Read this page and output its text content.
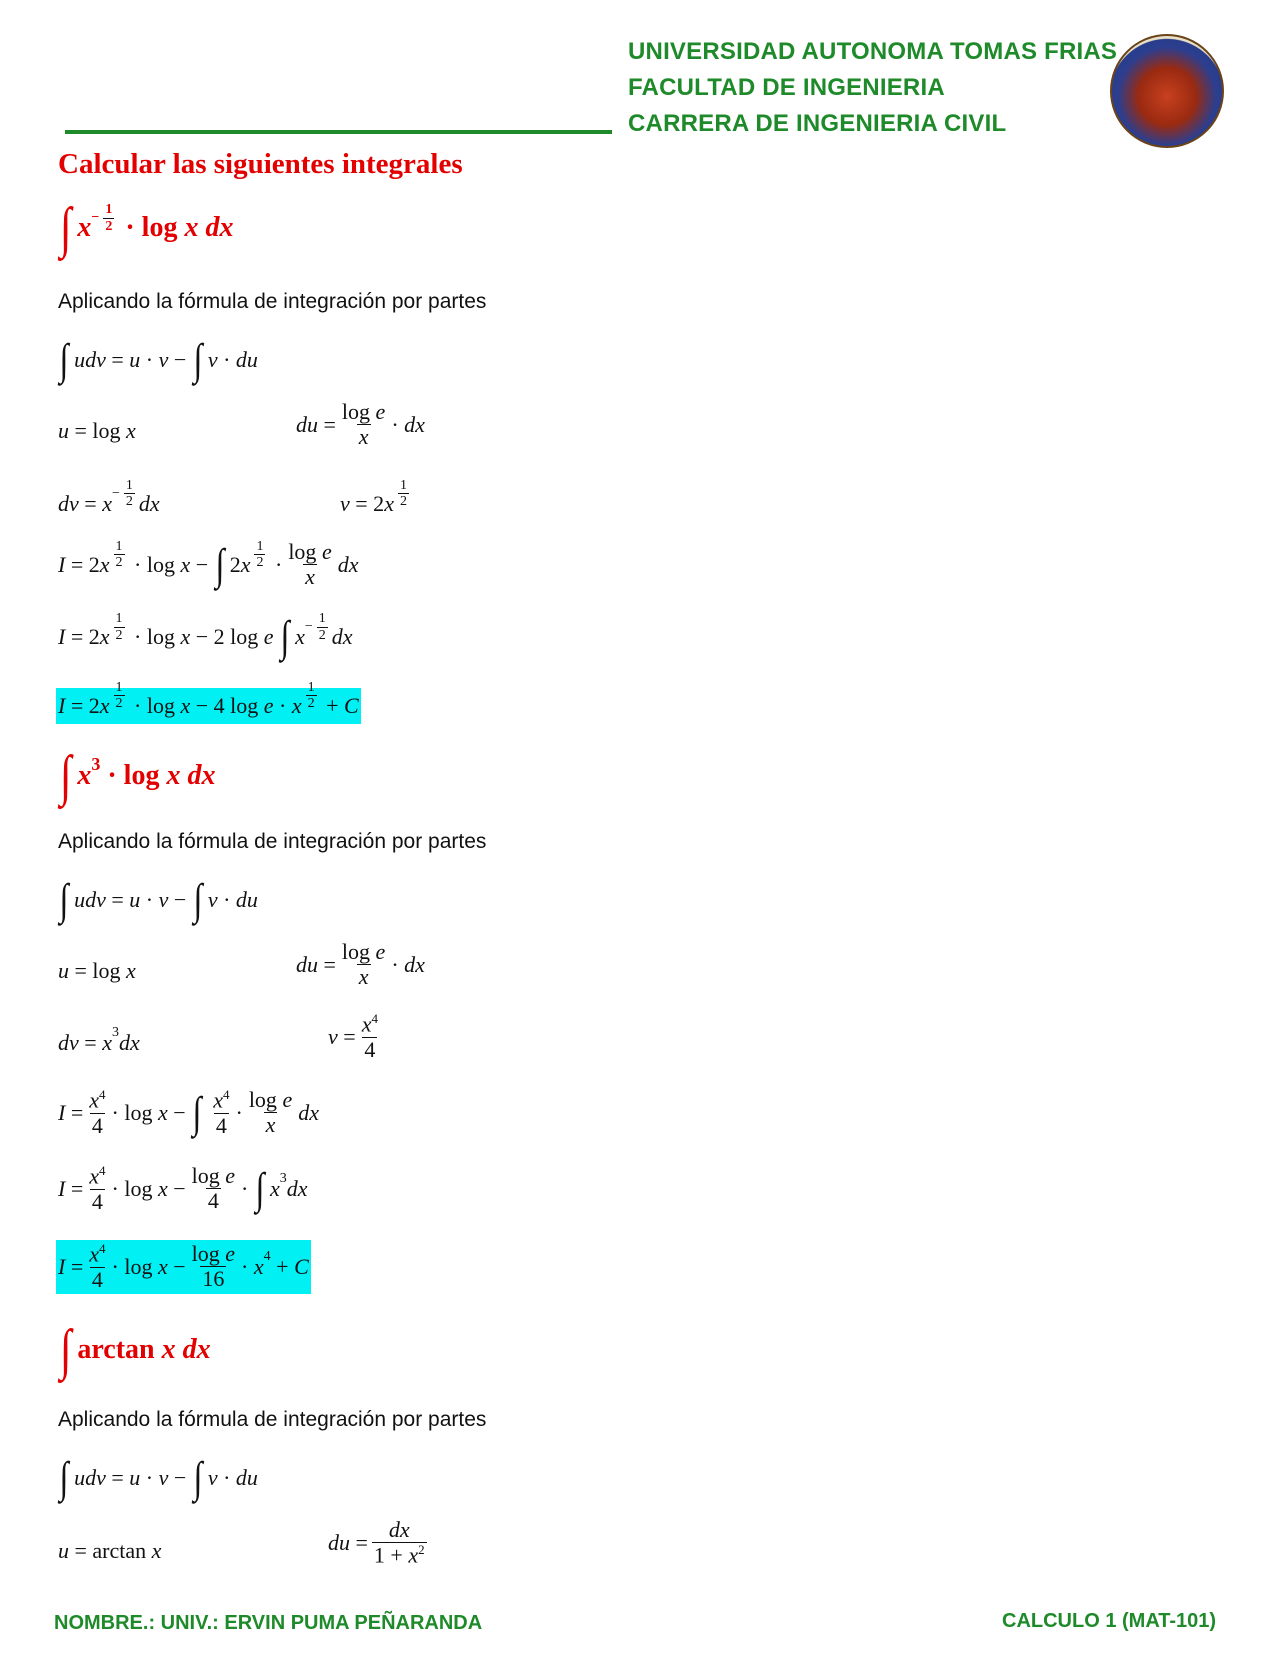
UNIVERSIDAD AUTONOMA TOMAS FRIAS
FACULTAD DE INGENIERIA
CARRERA DE INGENIERIA CIVIL
Calcular las siguientes integrales
∫ $x - \frac{1}{2} \cdot \log x$ dx
Aplicando la fórmula de integración por partes
∫ udv = u · v − ∫ v · du
u = log x	du = $\frac{\text{log e}}{x}$ · dx
dv = $x - \frac{1}{2}$ dx	v = 2 x $\frac{1}{2}$
I = 2 x $\frac{1}{2} \cdot \log x$ − ∫ 2 x $\frac{1}{2} \cdot \frac{\text{log e}}{x}$ dx
I = 2 x $\frac{1}{2} \cdot \log x - 2$ log e
∫ $x - \frac{1}{2}$ dx
I = 2 x $\frac{1}{2} \cdot \log x - 4$ log e · x $\frac{1}{2} + C$
∫ x 3 · log x dx
Aplicando la fórmula de integración por partes
∫ udv = u · v − ∫ v · du
u = log x	du = $\frac{\text{log e}}{x}$ · dx
dv = x 3 dx	$v = \frac{x^4}{4}$
$I = \frac{x^4}{4} \cdot \log x$ − ∫ $\frac{x^4}{4} \cdot \frac{\text{log e}}{x}$ dx
$I = \frac{x^4}{4} \cdot \log x - \frac{\text{log e}}{4}$ · ∫ x 3 dx
$I = \frac{x^4}{4} \cdot \log x - \frac{\text{log e}}{16} \cdot x$ 4 + C
∫ arctan x dx
Aplicando la fórmula de integración por partes
∫ udv = u · v − ∫ v · du
u = arctan x	du = $\frac{dx}{1 + x^2}$
NOMBRE.: UNIV.: ERVIN PUMA PEÑARANDA	CALCULO 1 (MAT-101)
